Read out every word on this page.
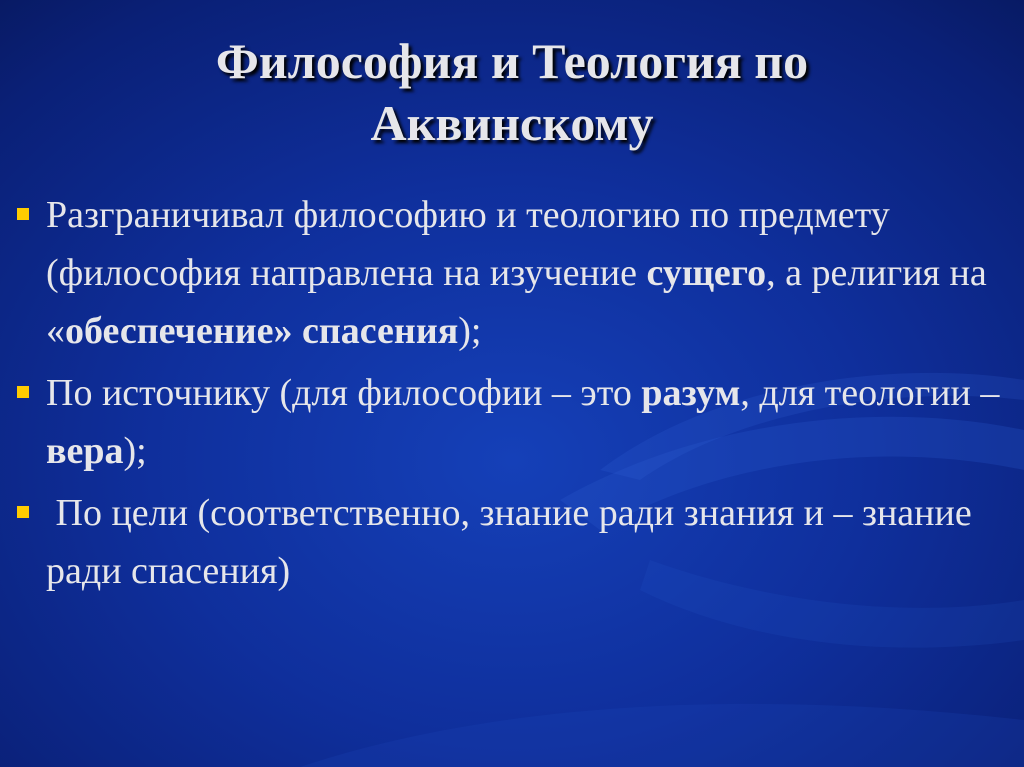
Философия и Теология по
Аквинскому
Разграничивал философию и теологию по предмету (философия направлена на изучение сущего, а религия на «обеспечение» спасения);
По источнику (для философии – это разум, для теологии – вера);
По цели (соответственно, знание ради знания и – знание ради спасения)
